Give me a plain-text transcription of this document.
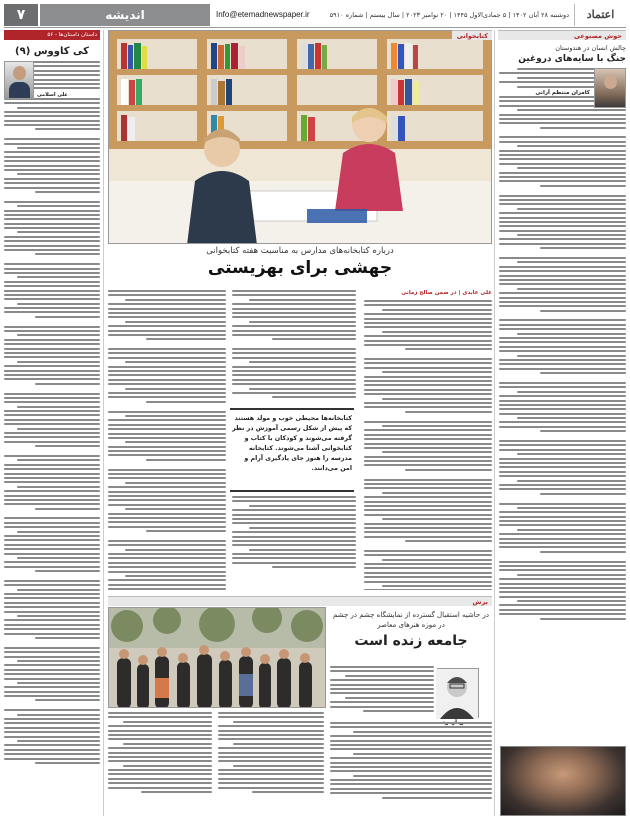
۷	اندیشه	Info@etemadnewspaper.ir	دوشنبه ۲۸ آبان ۱۴۰۲ | ۵ جمادی‌الاول ۱۴۴۵ | ۲۰ نوامبر ۲۰۲۳ | سال بیستم | شماره ۵۹۱۰	اعتماد
حوش مصنوعی
چالش انسان در هندوستان
جنگ با سایه‌های دروغین
کامران منتظم آرانی
داستان داستان‌ها - ۵۶
کی کاووس (۹)
علی اسلامی
درباره کتابخانه‌های مدارس به مناسبت هفته کتابخوانی
جهشی برای بهزیستی
علی عابدی | در ضمن صالح زمانی
کتابخانه‌ها محیطی خوب و مولد هستند که پیش از شکل رسمی آموزش در نظر گرفته می‌شوند و کودکان با کتاب و کتابخوانی آشنا می‌شوند. کتابخانه مدرسه را هنوز جای یادگیری آرام و امن می‌دانند.
برش
در حاشیه استقبال گسترده از نمایشگاه چشم در چشم در موزه هنرهای معاصر
جامعه زنده است
کتابخوانی
